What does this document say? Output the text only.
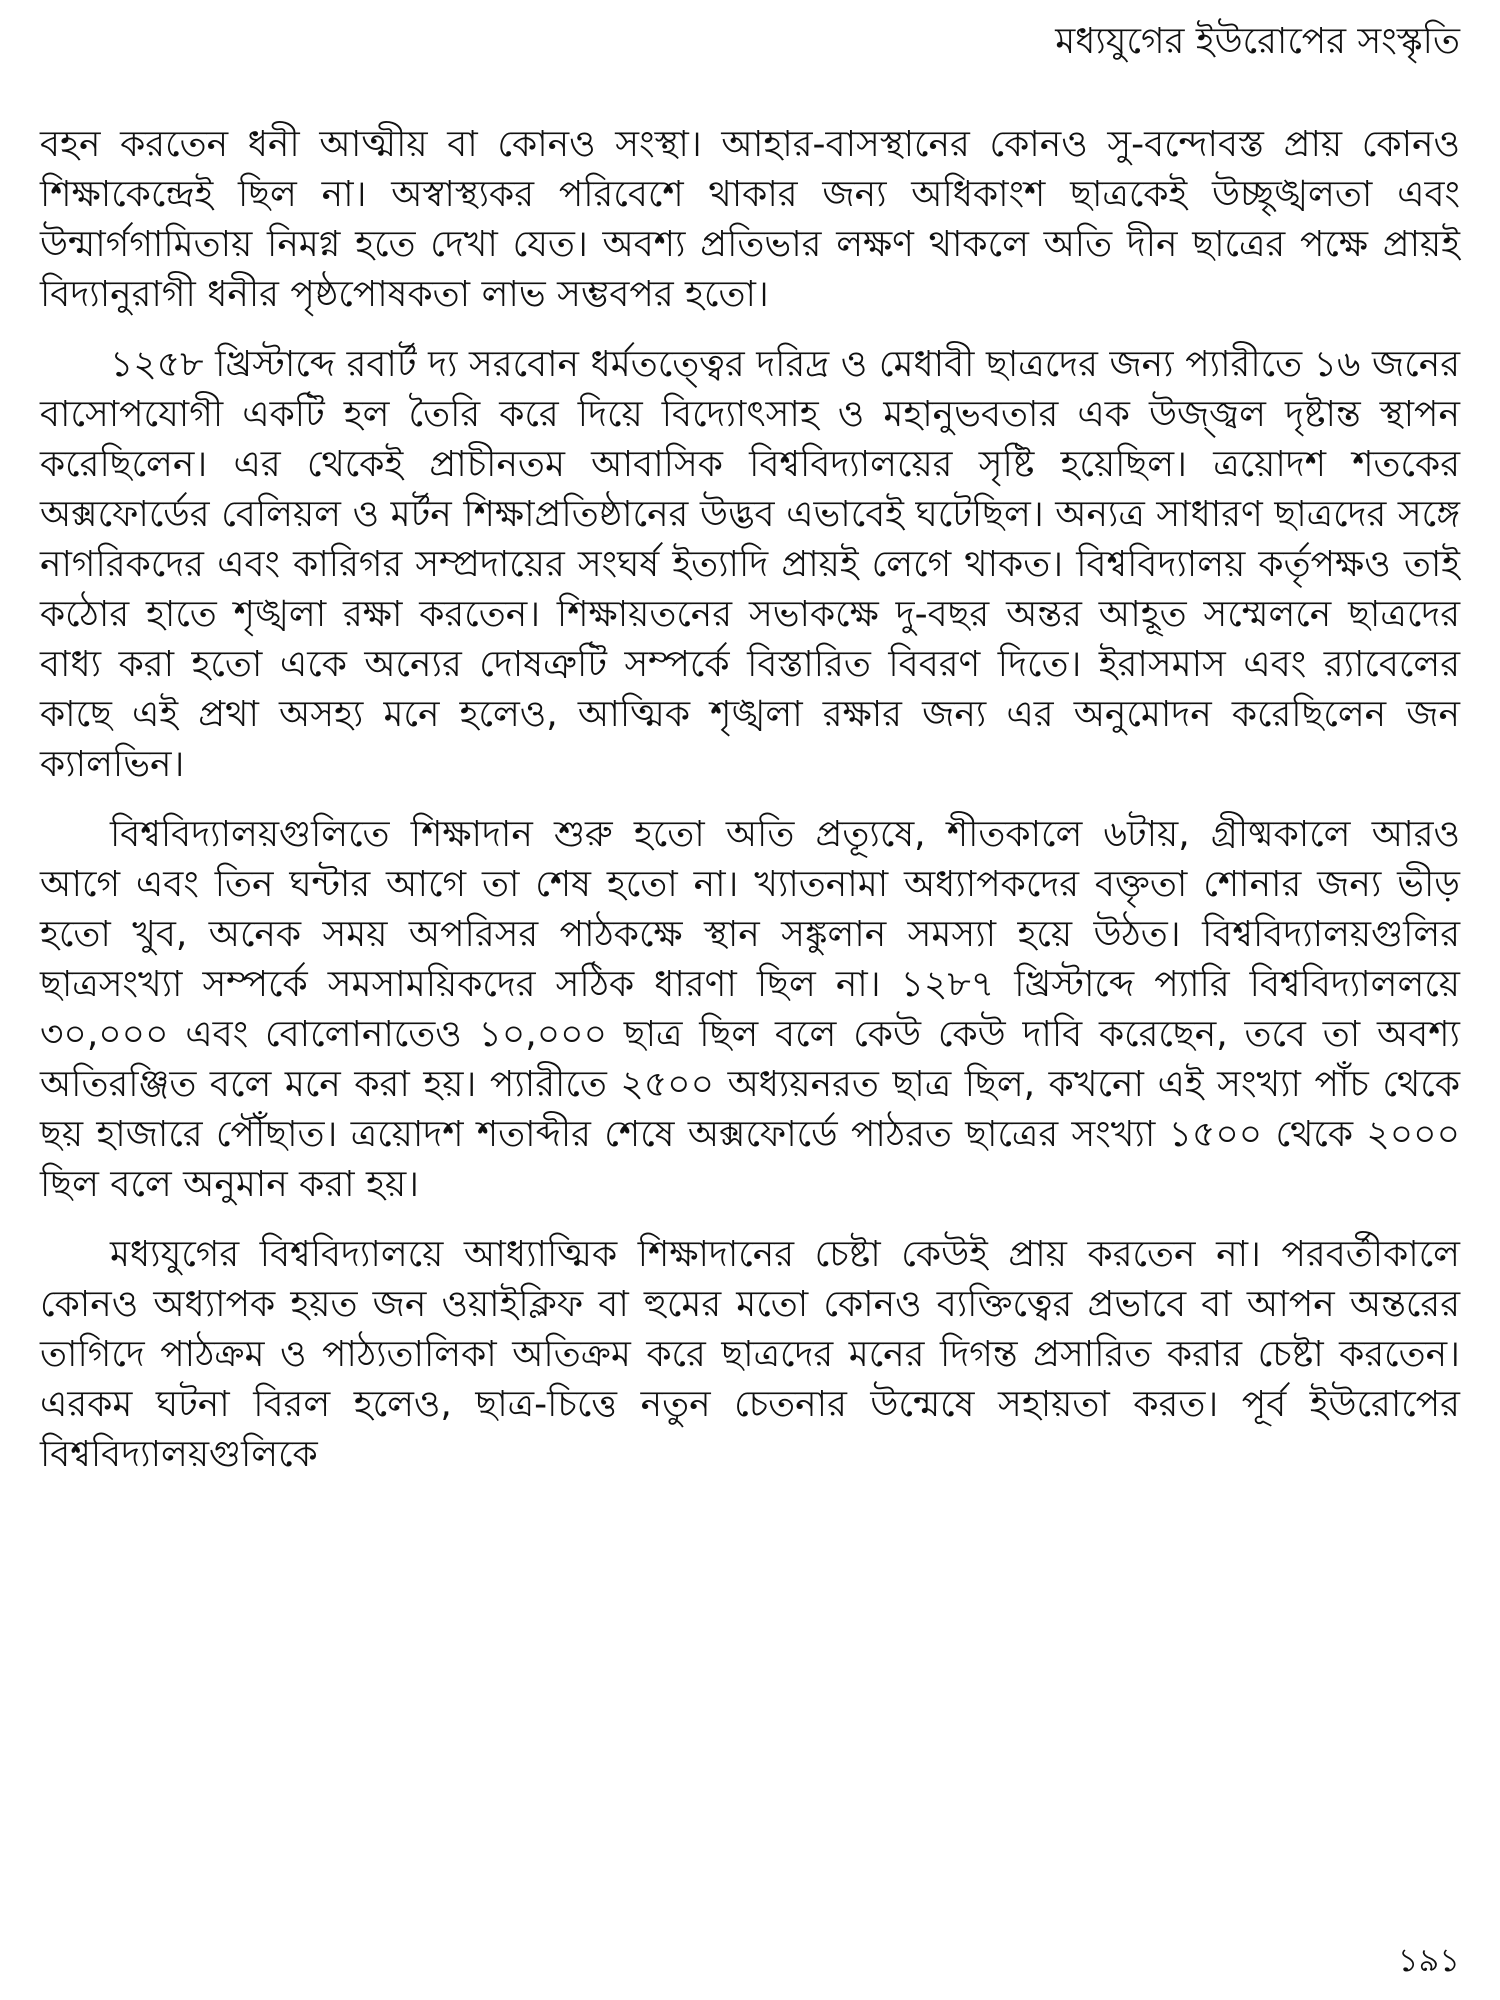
মধ্যযুগের ইউরোপের সংস্কৃতি

বহন করতেন ধনী আত্মীয় বা কোনও সংস্থা। আহার-বাসস্থানের কোনও সু-বন্দোবস্ত প্রায় কোনও শিক্ষাকেন্দ্রেই ছিল না। অস্বাস্থ্যকর পরিবেশে থাকার জন্য অধিকাংশ ছাত্রকেই উচ্ছৃঙ্খলতা এবং উন্মার্গগামিতায় নিমগ্ন হতে দেখা যেত। অবশ্য প্রতিভার লক্ষণ থাকলে অতি দীন ছাত্রের পক্ষে প্রায়ই বিদ্যানুরাগী ধনীর পৃষ্ঠপোষকতা লাভ সম্ভবপর হতো।

১২৫৮ খ্রিস্টাব্দে রবার্ট দ্য সরবোন ধর্মতত্ত্বের দরিদ্র ও মেধাবী ছাত্রদের জন্য প্যারীতে ১৬ জনের বাসোপযোগী একটি হল তৈরি করে দিয়ে বিদ্যোৎসাহ ও মহানুভবতার এক উজ্জ্বল দৃষ্টান্ত স্থাপন করেছিলেন। এর থেকেই প্রাচীনতম আবাসিক বিশ্ববিদ্যালয়ের সৃষ্টি হয়েছিল। ত্রয়োদশ শতকের অক্সফোর্ডের বেলিয়ল ও মর্টন শিক্ষাপ্রতিষ্ঠানের উদ্ভব এভাবেই ঘটেছিল। অন্যত্র সাধারণ ছাত্রদের সঙ্গে নাগরিকদের এবং কারিগর সম্প্রদায়ের সংঘর্ষ ইত্যাদি প্রায়ই লেগে থাকত। বিশ্ববিদ্যালয় কর্তৃপক্ষও তাই কঠোর হাতে শৃঙ্খলা রক্ষা করতেন। শিক্ষায়তনের সভাকক্ষে দু-বছর অন্তর আহূত সম্মেলনে ছাত্রদের বাধ্য করা হতো একে অন্যের দোষত্রুটি সম্পর্কে বিস্তারিত বিবরণ দিতে। ইরাসমাস এবং র‍্যাবেলের কাছে এই প্রথা অসহ্য মনে হলেও, আত্মিক শৃঙ্খলা রক্ষার জন্য এর অনুমোদন করেছিলেন জন ক্যালভিন।

বিশ্ববিদ্যালয়গুলিতে শিক্ষাদান শুরু হতো অতি প্রত্যূষে, শীতকালে ৬টায়, গ্রীষ্মকালে আরও আগে এবং তিন ঘন্টার আগে তা শেষ হতো না। খ্যাতনামা অধ্যাপকদের বক্তৃতা শোনার জন্য ভীড় হতো খুব, অনেক সময় অপরিসর পাঠকক্ষে স্থান সঙ্কুলান সমস্যা হয়ে উঠত। বিশ্ববিদ্যালয়গুলির ছাত্রসংখ্যা সম্পর্কে সমসাময়িকদের সঠিক ধারণা ছিল না। ১২৮৭ খ্রিস্টাব্দে প্যারি বিশ্ববিদ্যাললয়ে ৩০,০০০ এবং বোলোনাতেও ১০,০০০ ছাত্র ছিল বলে কেউ কেউ দাবি করেছেন, তবে তা অবশ্য অতিরঞ্জিত বলে মনে করা হয়। প্যারীতে ২৫০০ অধ্যয়নরত ছাত্র ছিল, কখনো এই সংখ্যা পাঁচ থেকে ছয় হাজারে পৌঁছাত। ত্রয়োদশ শতাব্দীর শেষে অক্সফোর্ডে পাঠরত ছাত্রের সংখ্যা ১৫০০ থেকে ২০০০ ছিল বলে অনুমান করা হয়।

মধ্যযুগের বিশ্ববিদ্যালয়ে আধ্যাত্মিক শিক্ষাদানের চেষ্টা কেউই প্রায় করতেন না। পরবর্তীকালে কোনও অধ্যাপক হয়ত জন ওয়াইক্লিফ বা হুমের মতো কোনও ব্যক্তিত্বের প্রভাবে বা আপন অন্তরের তাগিদে পাঠক্রম ও পাঠ্যতালিকা অতিক্রম করে ছাত্রদের মনের দিগন্ত প্রসারিত করার চেষ্টা করতেন। এরকম ঘটনা বিরল হলেও, ছাত্র-চিত্তে নতুন চেতনার উন্মেষে সহায়তা করত। পূর্ব ইউরোপের বিশ্ববিদ্যালয়গুলিকে

১৯১
